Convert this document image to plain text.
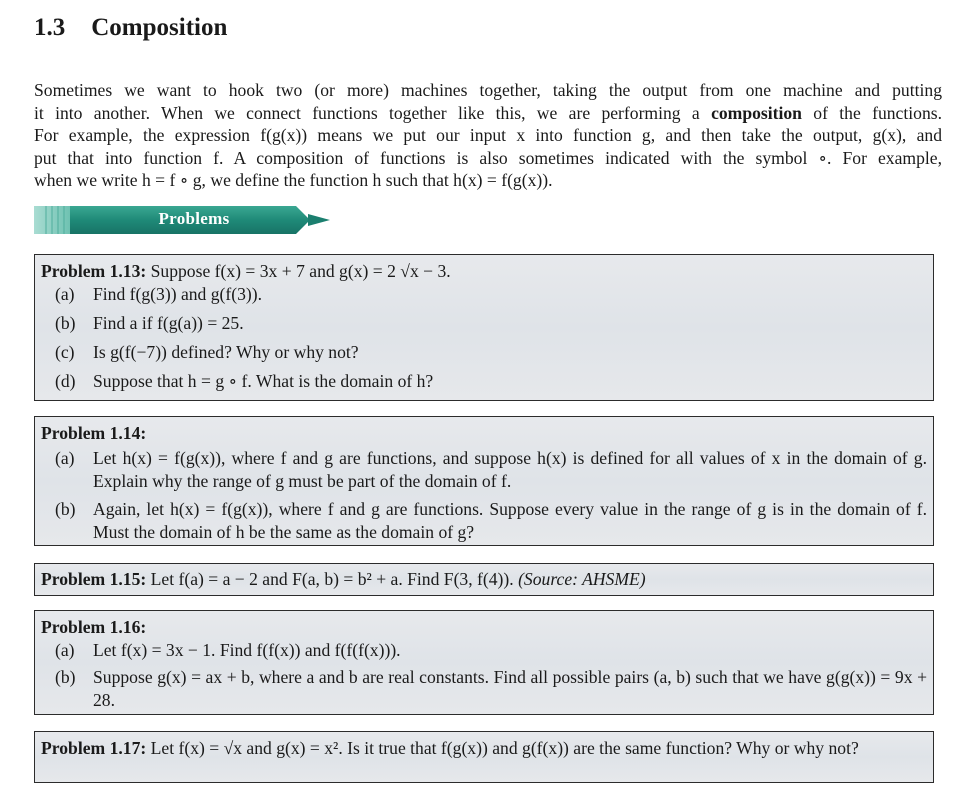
1.3 Composition
Sometimes we want to hook two (or more) machines together, taking the output from one machine and putting
it into another. When we connect functions together like this, we are performing a composition of the functions.
For example, the expression f(g(x)) means we put our input x into function g, and then take the output, g(x), and
put that into function f. A composition of functions is also sometimes indicated with the symbol ∘. For example,
when we write h = f ∘ g, we define the function h such that h(x) = f(g(x)).
Problems

Problem 1.13: Suppose f(x) = 3x + 7 and g(x) = 2 √x − 3.

(a) Find f(g(3)) and g(f(3)).

(b) Find a if f(g(a)) = 25.

(c) Is g(f(−7)) defined? Why or why not?

(d) Suppose that h = g ∘ f. What is the domain of h?

Problem 1.14:

(a) Let h(x) = f(g(x)), where f and g are functions, and suppose h(x) is defined for all values of x in the domain of g. Explain why the range of g must be part of the domain of f.

(b) Again, let h(x) = f(g(x)), where f and g are functions. Suppose every value in the range of g is in the domain of f. Must the domain of h be the same as the domain of g?

Problem 1.15: Let f(a) = a − 2 and F(a, b) = b² + a. Find F(3, f(4)). (Source: AHSME)

Problem 1.16:

(a) Let f(x) = 3x − 1. Find f(f(x)) and f(f(f(x))).

(b) Suppose g(x) = ax + b, where a and b are real constants. Find all possible pairs (a, b) such that we have g(g(x)) = 9x + 28.

Problem 1.17: Let f(x) = √x and g(x) = x². Is it true that f(g(x)) and g(f(x)) are the same function? Why or why not?
